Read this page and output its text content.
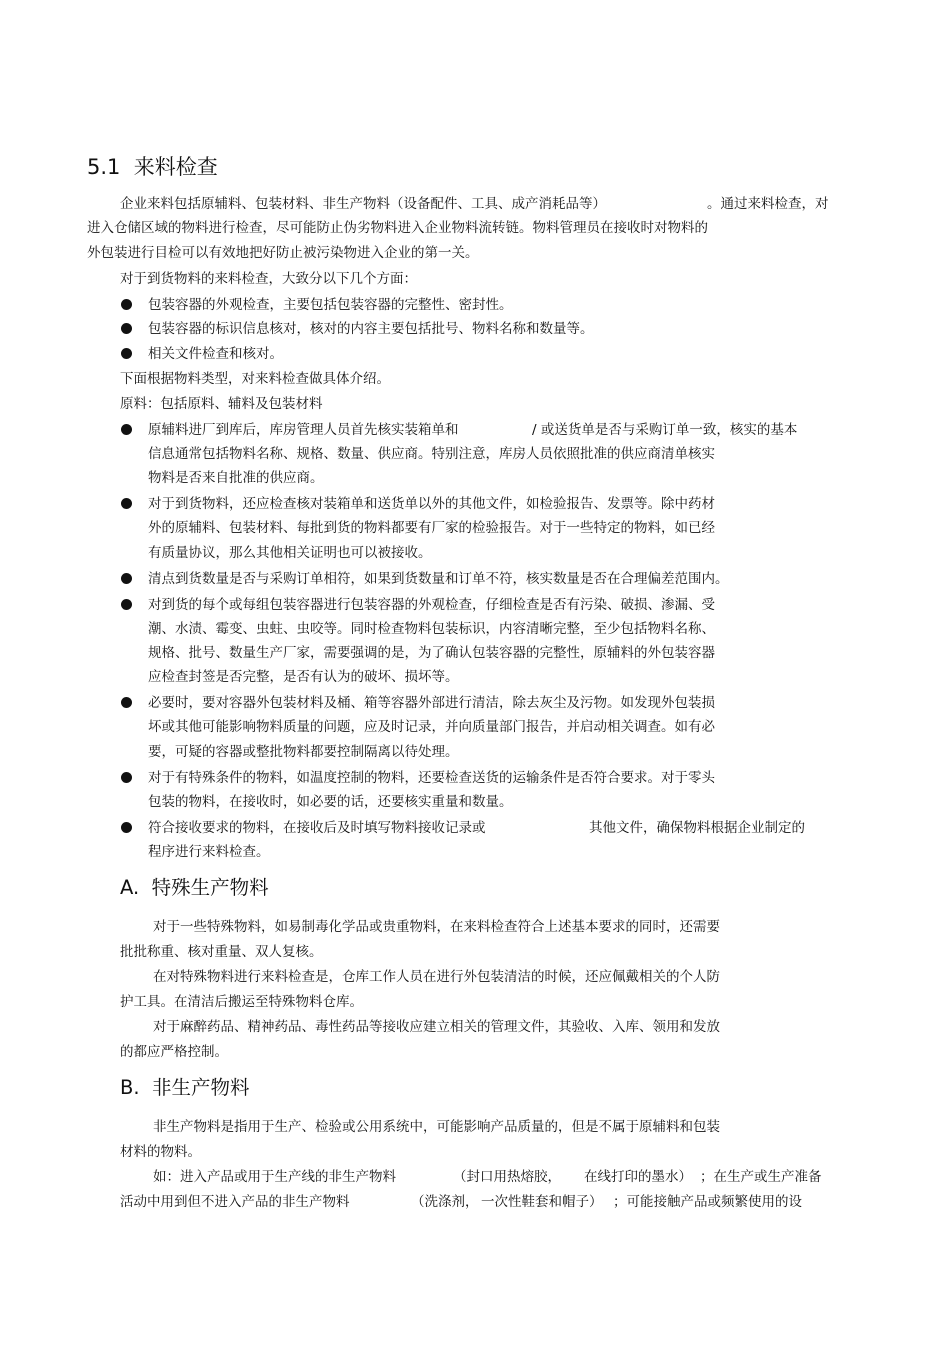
5.1  来料检查
企业来料包括原辅料、包装材料、非生产物料（设备配件、工具、成产消耗品等）	。通过来料检查，对
进入仓储区域的物料进行检查，尽可能防止伪劣物料进入企业物料流转链。物料管理员在接收时对物料的
外包装进行目检可以有效地把好防止被污染物进入企业的第一关。
对于到货物料的来料检查，大致分以下几个方面：
包装容器的外观检查，主要包括包装容器的完整性、密封性。
包装容器的标识信息核对，核对的内容主要包括批号、物料名称和数量等。
相关文件检查和核对。
下面根据物料类型，对来料检查做具体介绍。
原料：包括原料、辅料及包装材料
原辅料进厂到库后，库房管理人员首先核实装箱单和	/ 或送货单是否与采购订单一致，核实的基本
信息通常包括物料名称、规格、数量、供应商。特别注意，库房人员依照批准的供应商清单核实
物料是否来自批准的供应商。
对于到货物料，还应检查核对装箱单和送货单以外的其他文件，如检验报告、发票等。除中药材
外的原辅料、包装材料、每批到货的物料都要有厂家的检验报告。对于一些特定的物料，如已经
有质量协议，那么其他相关证明也可以被接收。
清点到货数量是否与采购订单相符，如果到货数量和订单不符，核实数量是否在合理偏差范围内。
对到货的每个或每组包装容器进行包装容器的外观检查，仔细检查是否有污染、破损、渗漏、受
潮、水渍、霉变、虫蛀、虫咬等。同时检查物料包装标识，内容清晰完整，至少包括物料名称、
规格、批号、数量生产厂家，需要强调的是，为了确认包装容器的完整性，原辅料的外包装容器
应检查封签是否完整，是否有认为的破坏、损坏等。
必要时，要对容器外包装材料及桶、箱等容器外部进行清洁，除去灰尘及污物。如发现外包装损
坏或其他可能影响物料质量的问题，应及时记录，并向质量部门报告，并启动相关调查。如有必
要，可疑的容器或整批物料都要控制隔离以待处理。
对于有特殊条件的物料，如温度控制的物料，还要检查送货的运输条件是否符合要求。对于零头
包装的物料，在接收时，如必要的话，还要核实重量和数量。
符合接收要求的物料，在接收后及时填写物料接收记录或	其他文件，确保物料根据企业制定的
程序进行来料检查。
A.  特殊生产物料
对于一些特殊物料，如易制毒化学品或贵重物料，在来料检查符合上述基本要求的同时，还需要
批批称重、核对重量、双人复核。
在对特殊物料进行来料检查是，仓库工作人员在进行外包装清洁的时候，还应佩戴相关的个人防
护工具。在清洁后搬运至特殊物料仓库。
对于麻醉药品、精神药品、毒性药品等接收应建立相关的管理文件，其验收、入库、领用和发放
的都应严格控制。
B.  非生产物料
非生产物料是指用于生产、检验或公用系统中，可能影响产品质量的，但是不属于原辅料和包装
材料的物料。
如：进入产品或用于生产线的非生产物料	（封口用热熔胶， 在线打印的墨水） ；在生产或生产准备
活动中用到但不进入产品的非生产物料	（洗涤剂， 一次性鞋套和帽子） ；可能接触产品或频繁使用的设
